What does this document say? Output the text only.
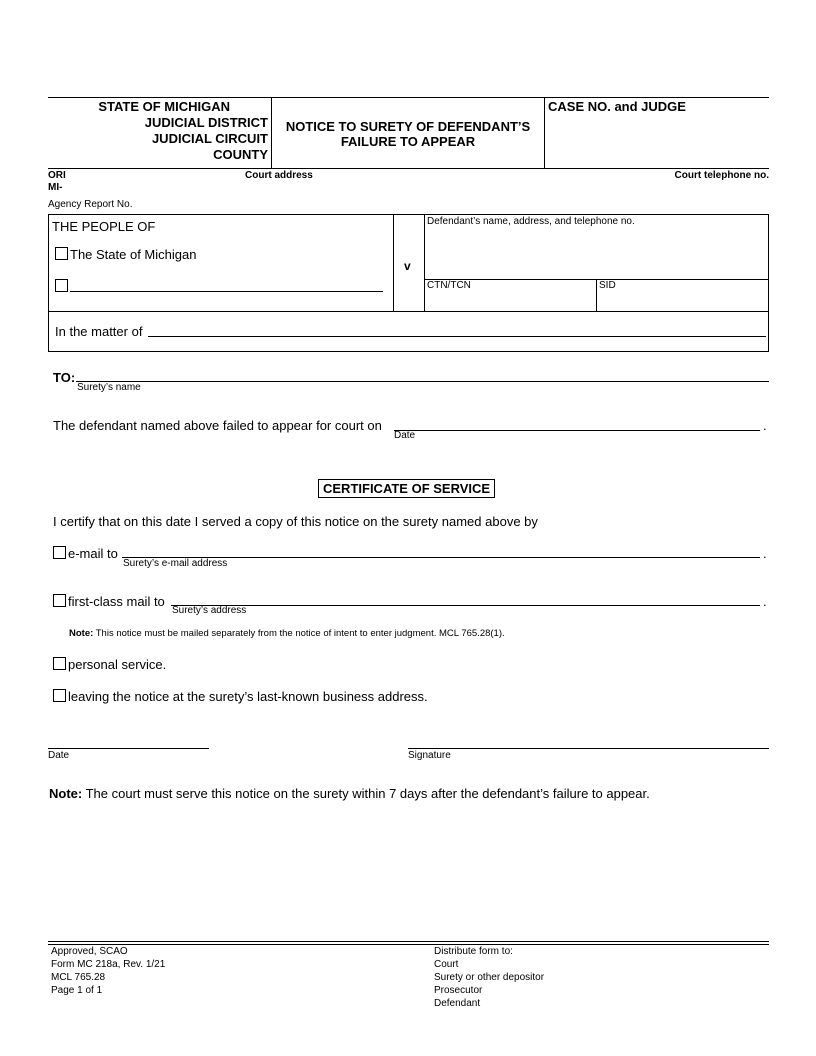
STATE OF MICHIGAN
JUDICIAL DISTRICT
JUDICIAL CIRCUIT
COUNTY
NOTICE TO SURETY OF DEFENDANT’S
FAILURE TO APPEAR
CASE NO. and JUDGE
ORI
MI-
Court address	Court telephone no.
Agency Report No.
THE PEOPLE OF
The State of Michigan
v
Defendant’s name, address, and telephone no.
CTN/TCN	SID
In the matter of
TO:
Surety’s name
The defendant named above failed to appear for court on	.
Date
CERTIFICATE OF SERVICE
I certify that on this date I served a copy of this notice on the surety named above by
e-mail to	.
Surety’s e-mail address
first-class mail to	.
Surety’s address
Note: This notice must be mailed separately from the notice of intent to enter judgment. MCL 765.28(1).
personal service.
leaving the notice at the surety’s last-known business address.
Date	Signature
Note: The court must serve this notice on the surety within 7 days after the defendant’s failure to appear.
Approved, SCAO
Form MC 218a, Rev. 1/21
MCL 765.28
Page 1 of 1
Distribute form to:
Court
Surety or other depositor
Prosecutor
Defendant
